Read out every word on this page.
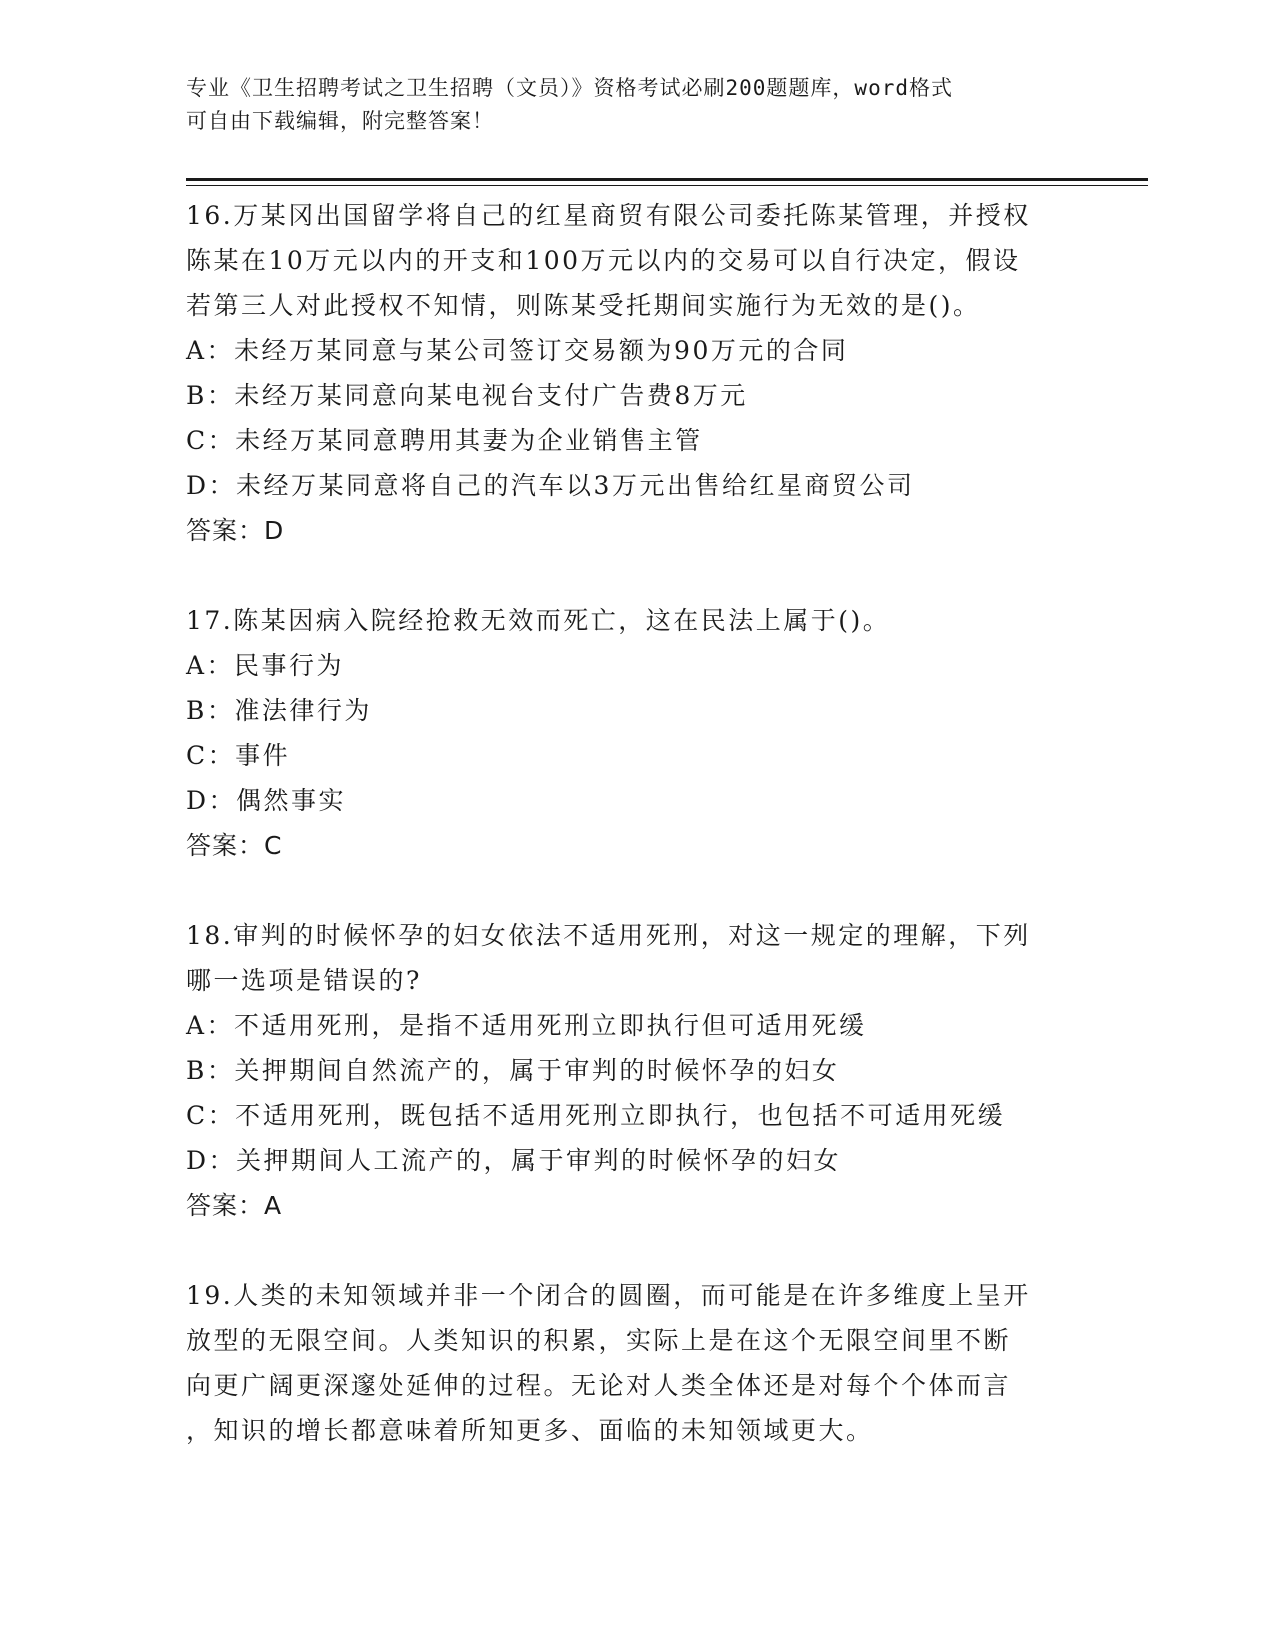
专业《卫生招聘考试之卫生招聘（文员）》资格考试必刷200题题库，word格式
可自由下载编辑，附完整答案！
16.万某冈出国留学将自己的红星商贸有限公司委托陈某管理，并授权
陈某在10万元以内的开支和100万元以内的交易可以自行决定，假设
若第三人对此授权不知情，则陈某受托期间实施行为无效的是()。
A：未经万某同意与某公司签订交易额为90万元的合同
B：未经万某同意向某电视台支付广告费8万元
C：未经万某同意聘用其妻为企业销售主管
D：未经万某同意将自己的汽车以3万元出售给红星商贸公司
答案：D
17.陈某因病入院经抢救无效而死亡，这在民法上属于()。
A：民事行为
B：准法律行为
C：事件
D：偶然事实
答案：C
18.审判的时候怀孕的妇女依法不适用死刑，对这一规定的理解，下列
哪一选项是错误的?
A：不适用死刑，是指不适用死刑立即执行但可适用死缓
B：关押期间自然流产的，属于审判的时候怀孕的妇女
C：不适用死刑，既包括不适用死刑立即执行，也包括不可适用死缓
D：关押期间人工流产的，属于审判的时候怀孕的妇女
答案：A
19.人类的未知领域并非一个闭合的圆圈，而可能是在许多维度上呈开
放型的无限空间。人类知识的积累，实际上是在这个无限空间里不断
向更广阔更深邃处延伸的过程。无论对人类全体还是对每个个体而言
，知识的增长都意味着所知更多、面临的未知领域更大。
